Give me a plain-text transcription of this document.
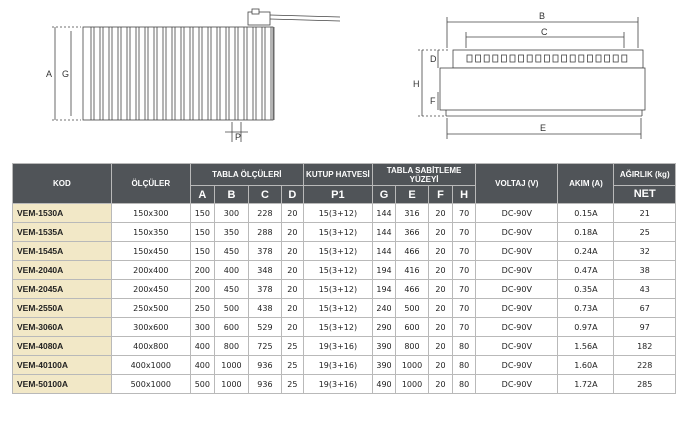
A G
P
B
C
D
H
F
E
KOD	ÖLÇÜLER	TABLA ÖLÇÜLERİ				KUTUP HATVESİ	TABLA SABİTLEME YÜZEYİ				VOLTAJ (V)	AKIM (A)	AĞIRLIK (kg)
		A	B	C	D	P1	G	E	F	H			NET
VEM-1530A	150x300	150	300	228	20	15(3+12)	144	316	20	70	DC-90V	0.15A	21
VEM-1535A	150x350	150	350	288	20	15(3+12)	144	366	20	70	DC-90V	0.18A	25
VEM-1545A	150x450	150	450	378	20	15(3+12)	144	466	20	70	DC-90V	0.24A	32
VEM-2040A	200x400	200	400	348	20	15(3+12)	194	416	20	70	DC-90V	0.47A	38
VEM-2045A	200x450	200	450	378	20	15(3+12)	194	466	20	70	DC-90V	0.35A	43
VEM-2550A	250x500	250	500	438	20	15(3+12)	240	500	20	70	DC-90V	0.73A	67
VEM-3060A	300x600	300	600	529	20	15(3+12)	290	600	20	70	DC-90V	0.97A	97
VEM-4080A	400x800	400	800	725	25	19(3+16)	390	800	20	80	DC-90V	1.56A	182
VEM-40100A	400x1000	400	1000	936	25	19(3+16)	390	1000	20	80	DC-90V	1.60A	228
VEM-50100A	500x1000	500	1000	936	25	19(3+16)	490	1000	20	80	DC-90V	1.72A	285
